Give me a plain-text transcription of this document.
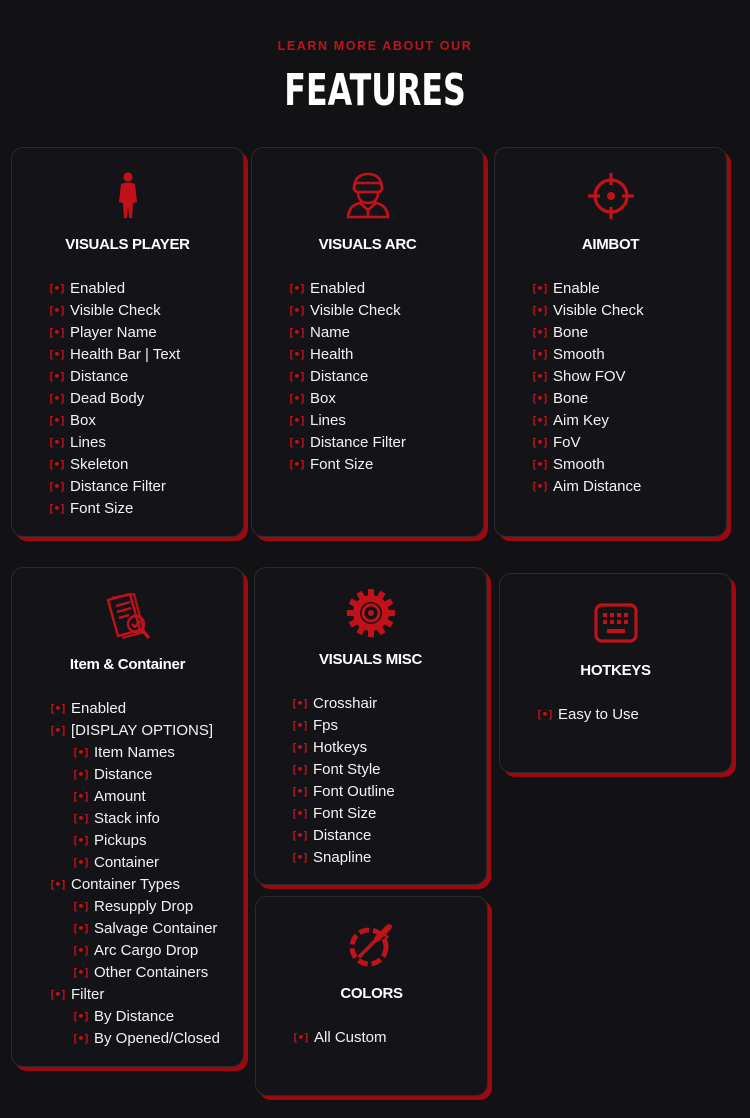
LEARN MORE ABOUT OUR
FEATURES
VISUALS PLAYER
[•] Enabled
[•] Visible Check
[•] Player Name
[•] Health Bar | Text
[•] Distance
[•] Dead Body
[•] Box
[•] Lines
[•] Skeleton
[•] Distance Filter
[•] Font Size
VISUALS ARC
[•] Enabled
[•] Visible Check
[•] Name
[•] Health
[•] Distance
[•] Box
[•] Lines
[•] Distance Filter
[•] Font Size
AIMBOT
[•] Enable
[•] Visible Check
[•] Bone
[•] Smooth
[•] Show FOV
[•] Bone
[•] Aim Key
[•] FoV
[•] Smooth
[•] Aim Distance
Item & Container
[•] Enabled
[•] [DISPLAY OPTIONS]
[•] Item Names
[•] Distance
[•] Amount
[•] Stack info
[•] Pickups
[•] Container
[•] Container Types
[•] Resupply Drop
[•] Salvage Container
[•] Arc Cargo Drop
[•] Other Containers
[•] Filter
[•] By Distance
[•] By Opened/Closed
VISUALS MISC
[•] Crosshair
[•] Fps
[•] Hotkeys
[•] Font Style
[•] Font Outline
[•] Font Size
[•] Distance
[•] Snapline
HOTKEYS
[•] Easy to Use
COLORS
[•] All Custom
